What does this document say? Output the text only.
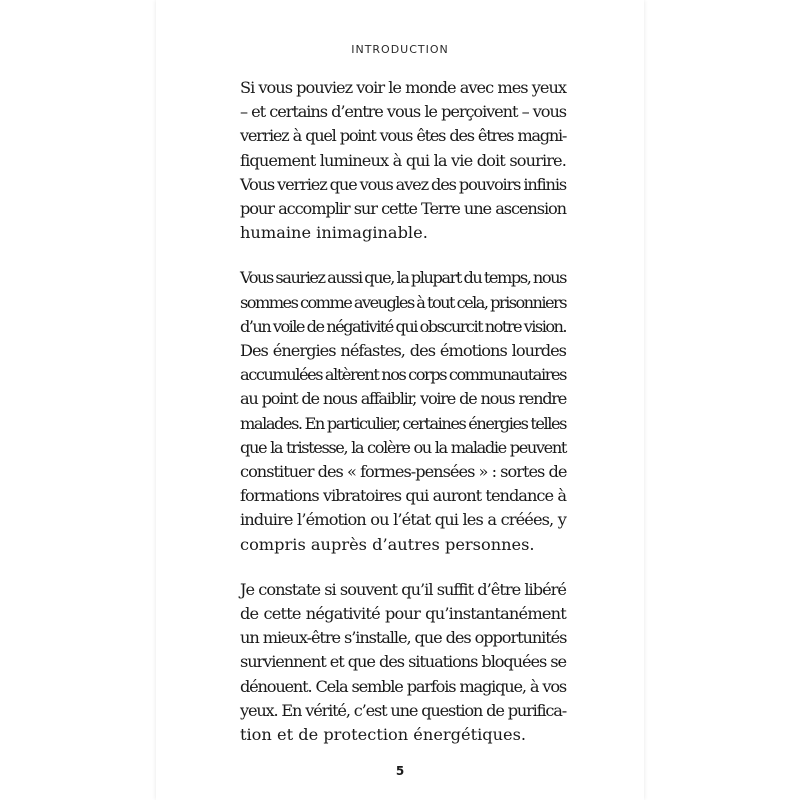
INTRODUCTION
Si vous pouviez voir le monde avec mes yeux
– et certains d’entre vous le perçoivent – vous
verriez à quel point vous êtes des êtres magni-
fiquement lumineux à qui la vie doit sourire.
Vous verriez que vous avez des pouvoirs infinis
pour accomplir sur cette Terre une ascension
humaine inimaginable.
Vous sauriez aussi que, la plupart du temps, nous
sommes comme aveugles à tout cela, prisonniers
d’un voile de négativité qui obscurcit notre vision.
Des énergies néfastes, des émotions lourdes
accumulées altèrent nos corps communautaires
au point de nous affaiblir, voire de nous rendre
malades. En particulier, certaines énergies telles
que la tristesse, la colère ou la maladie peuvent
constituer des « formes-pensées » : sortes de
formations vibratoires qui auront tendance à
induire l’émotion ou l’état qui les a créées, y
compris auprès d’autres personnes.
Je constate si souvent qu’il suffit d’être libéré
de cette négativité pour qu’instantanément
un mieux-être s’installe, que des opportunités
surviennent et que des situations bloquées se
dénouent. Cela semble parfois magique, à vos
yeux. En vérité, c’est une question de purifica-
tion et de protection énergétiques.
5
